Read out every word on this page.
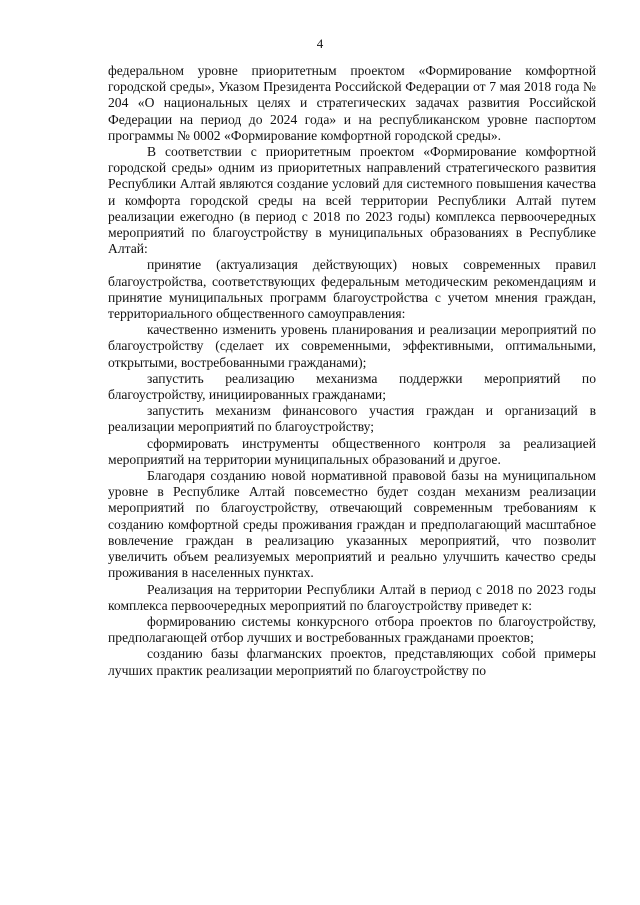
4

федеральном уровне приоритетным проектом «Формирование комфортной городской среды», Указом Президента Российской Федерации от 7 мая 2018 года № 204 «О национальных целях и стратегических задачах развития Российской Федерации на период до 2024 года» и на республиканском уровне паспортом программы № 0002 «Формирование комфортной городской среды».

В соответствии с приоритетным проектом «Формирование комфортной городской среды» одним из приоритетных направлений стратегического развития Республики Алтай являются создание условий для системного повышения качества и комфорта городской среды на всей территории Республики Алтай путем реализации ежегодно (в период с 2018 по 2023 годы) комплекса первоочередных мероприятий по благоустройству в муниципальных образованиях в Республике Алтай:

принятие (актуализация действующих) новых современных правил благоустройства, соответствующих федеральным методическим рекомендациям и принятие муниципальных программ благоустройства с учетом мнения граждан, территориального общественного самоуправления:

качественно изменить уровень планирования и реализации мероприятий по благоустройству (сделает их современными, эффективными, оптимальными, открытыми, востребованными гражданами);

запустить реализацию механизма поддержки мероприятий по благоустройству, инициированных гражданами;

запустить механизм финансового участия граждан и организаций в реализации мероприятий по благоустройству;

сформировать инструменты общественного контроля за реализацией мероприятий на территории муниципальных образований и другое.

Благодаря созданию новой нормативной правовой базы на муниципальном уровне в Республике Алтай повсеместно будет создан механизм реализации мероприятий по благоустройству, отвечающий современным требованиям к созданию комфортной среды проживания граждан и предполагающий масштабное вовлечение граждан в реализацию указанных мероприятий, что позволит увеличить объем реализуемых мероприятий и реально улучшить качество среды проживания в населенных пунктах.

Реализация на территории Республики Алтай в период с 2018 по 2023 годы комплекса первоочередных мероприятий по благоустройству приведет к:

формированию системы конкурсного отбора проектов по благоустройству, предполагающей отбор лучших и востребованных гражданами проектов;

созданию базы флагманских проектов, представляющих собой примеры лучших практик реализации мероприятий по благоустройству по
